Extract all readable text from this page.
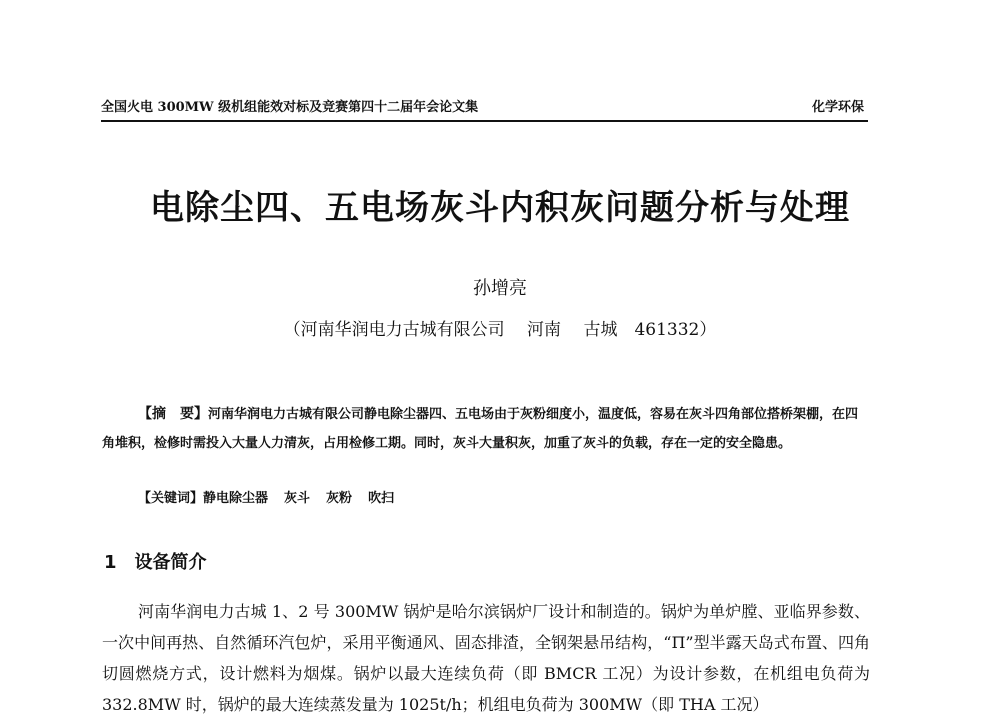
全国火电 300MW 级机组能效对标及竞赛第四十二届年会论文集	化学环保
电除尘四、五电场灰斗内积灰问题分析与处理
孙增亮
（河南华润电力古城有限公司　 河南　 古城　461332）

【摘　要】河南华润电力古城有限公司静电除尘器四、五电场由于灰粉细度小，温度低，容易在灰斗四角部位搭桥架棚，在四角堆积，检修时需投入大量人力清灰，占用检修工期。同时，灰斗大量积灰，加重了灰斗的负载，存在一定的安全隐患。

【关键词】静电除尘器 灰斗 灰粉 吹扫
1 设备简介

河南华润电力古城 1、2 号 300MW 锅炉是哈尔滨锅炉厂设计和制造的。锅炉为单炉膛、亚临界参数、一次中间再热、自然循环汽包炉，采用平衡通风、固态排渣，全钢架悬吊结构，“Π”型半露天岛式布置、四角切圆燃烧方式，设计燃料为烟煤。锅炉以最大连续负荷（即 BMCR 工况）为设计参数，在机组电负荷为 332.8MW 时，锅炉的最大连续蒸发量为 1025t/h；机组电负荷为 300MW（即 THA 工况）
